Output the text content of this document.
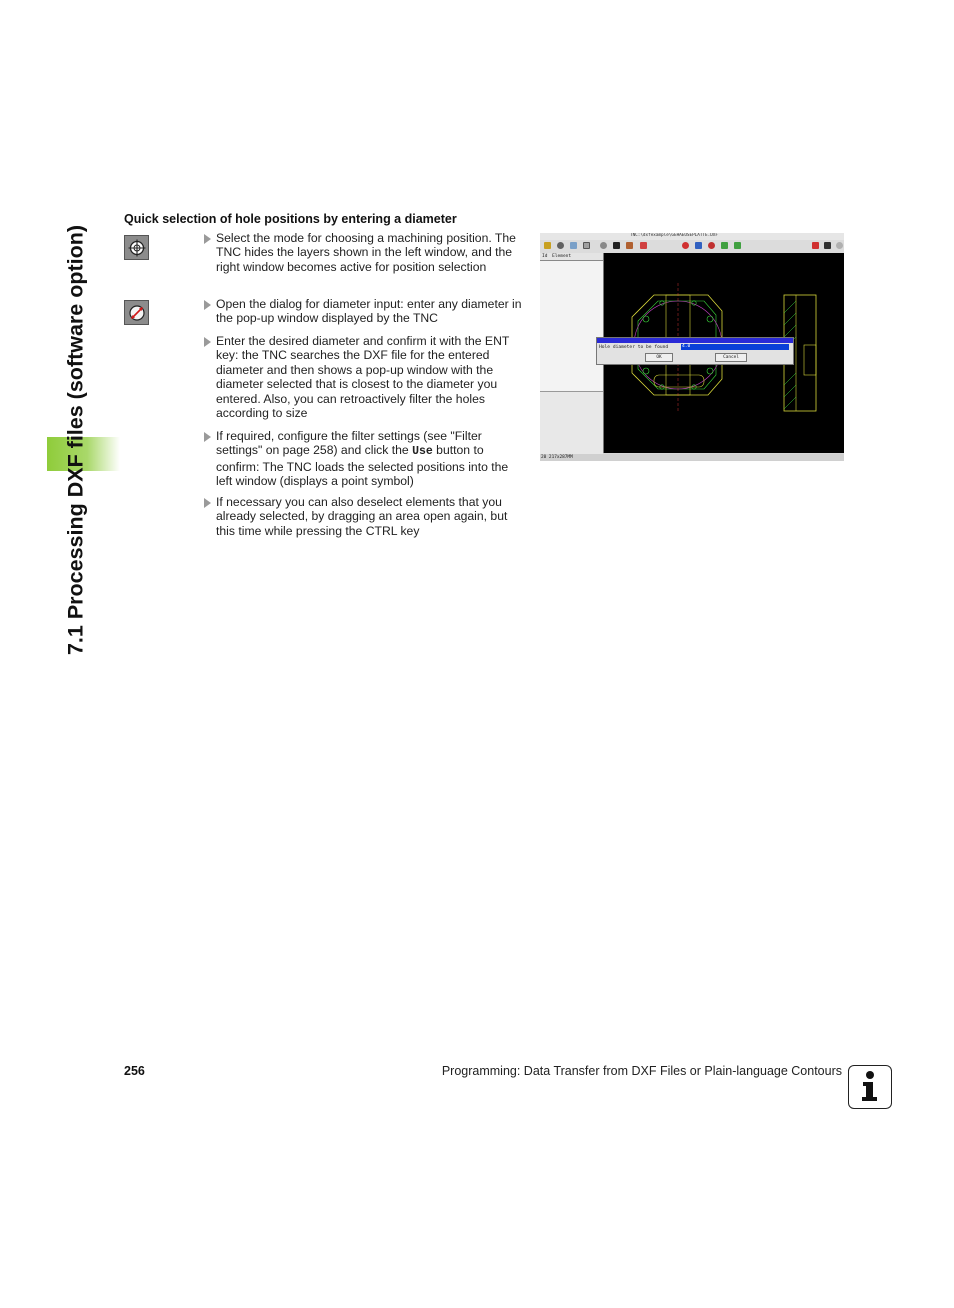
7.1 Processing DXF files (software option)
Quick selection of hole positions by entering a diameter
Select the mode for choosing a machining position. The TNC hides the layers shown in the left window, and the right window becomes active for position selection
Open the dialog for diameter input: enter any diameter in the pop-up window displayed by the TNC
Enter the desired diameter and confirm it with the ENT key: the TNC searches the DXF file for the entered diameter and then shows a pop-up window with the diameter selected that is closest to the diameter you entered. Also, you can retroactively filter the holes according to size
If required, configure the filter settings (see "Filter settings" on page 258) and click the Use button to confirm: The TNC loads the selected positions into the left window (displays a point symbol)
If necessary you can also deselect elements that you already selected, by dragging an area open again, but this time while pressing the CTRL key
TNC:\dxfexample\GEHAEUSEPLATTE.DXF
Id Element
Hole diameter to be found	4.0
OK	Cancel
20 217x287MM
256	Programming: Data Transfer from DXF Files or Plain-language Contours
